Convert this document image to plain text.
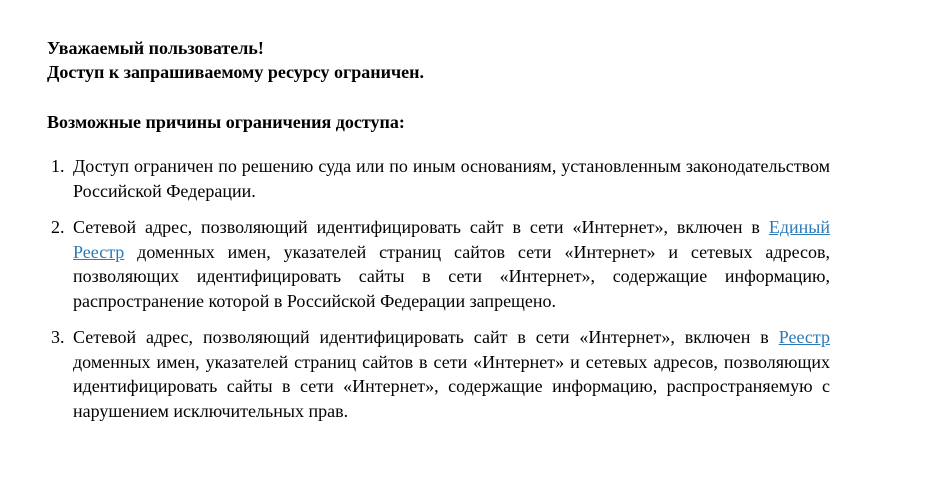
Уважаемый пользователь!
Доступ к запрашиваемому ресурсу ограничен.
Возможные причины ограничения доступа:
1. Доступ ограничен по решению суда или по иным основаниям, установленным законодательством Российской Федерации.
2. Сетевой адрес, позволяющий идентифицировать сайт в сети «Интернет», включен в Единый Реестр доменных имен, указателей страниц сайтов сети «Интернет» и сетевых адресов, позволяющих идентифицировать сайты в сети «Интернет», содержащие информацию, распространение которой в Российской Федерации запрещено.
3. Сетевой адрес, позволяющий идентифицировать сайт в сети «Интернет», включен в Реестр доменных имен, указателей страниц сайтов в сети «Интернет» и сетевых адресов, позволяющих идентифицировать сайты в сети «Интернет», содержащие информацию, распространяемую с нарушением исключительных прав.
